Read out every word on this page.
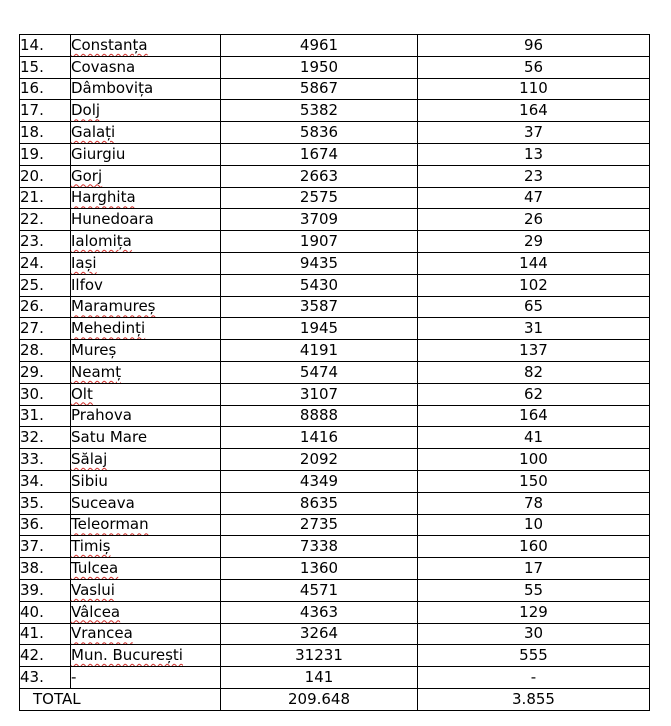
14.	Constanța	4961	96
15.	Covasna	1950	56
16.	Dâmbovița	5867	110
17.	Dolj	5382	164
18.	Galați	5836	37
19.	Giurgiu	1674	13
20.	Gorj	2663	23
21.	Harghita	2575	47
22.	Hunedoara	3709	26
23.	Ialomița	1907	29
24.	Iași	9435	144
25.	Ilfov	5430	102
26.	Maramureș	3587	65
27.	Mehedinți	1945	31
28.	Mureș	4191	137
29.	Neamț	5474	82
30.	Olt	3107	62
31.	Prahova	8888	164
32.	Satu Mare	1416	41
33.	Sălaj	2092	100
34.	Sibiu	4349	150
35.	Suceava	8635	78
36.	Teleorman	2735	10
37.	Timiș	7338	160
38.	Tulcea	1360	17
39.	Vaslui	4571	55
40.	Vâlcea	4363	129
41.	Vrancea	3264	30
42.	Mun. București	31231	555
43.	-	141	-
TOTAL		209.648	3.855
